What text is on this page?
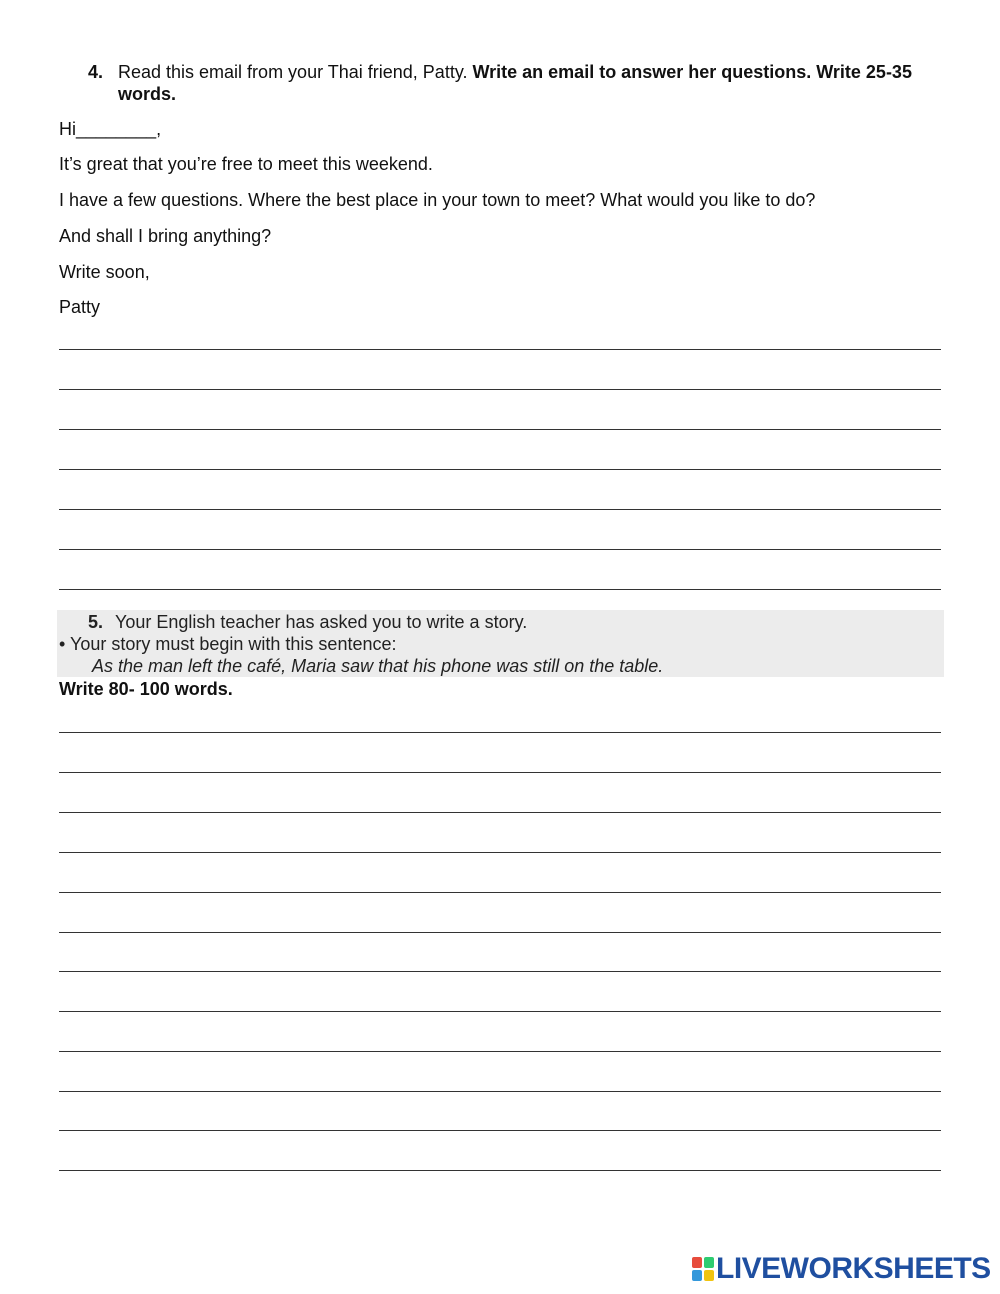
4. Read this email from your Thai friend, Patty. Write an email to answer her questions. Write 25-35 words.
Hi________,
It’s great that you’re free to meet this weekend.
I have a few questions. Where the best place in your town to meet? What would you like to do?
And shall I bring anything?
Write soon,
Patty
5. Your English teacher has asked you to write a story.
• Your story must begin with this sentence:
As the man left the café, Maria saw that his phone was still on the table.
Write 80- 100 words.
LIVEWORKSHEETS
